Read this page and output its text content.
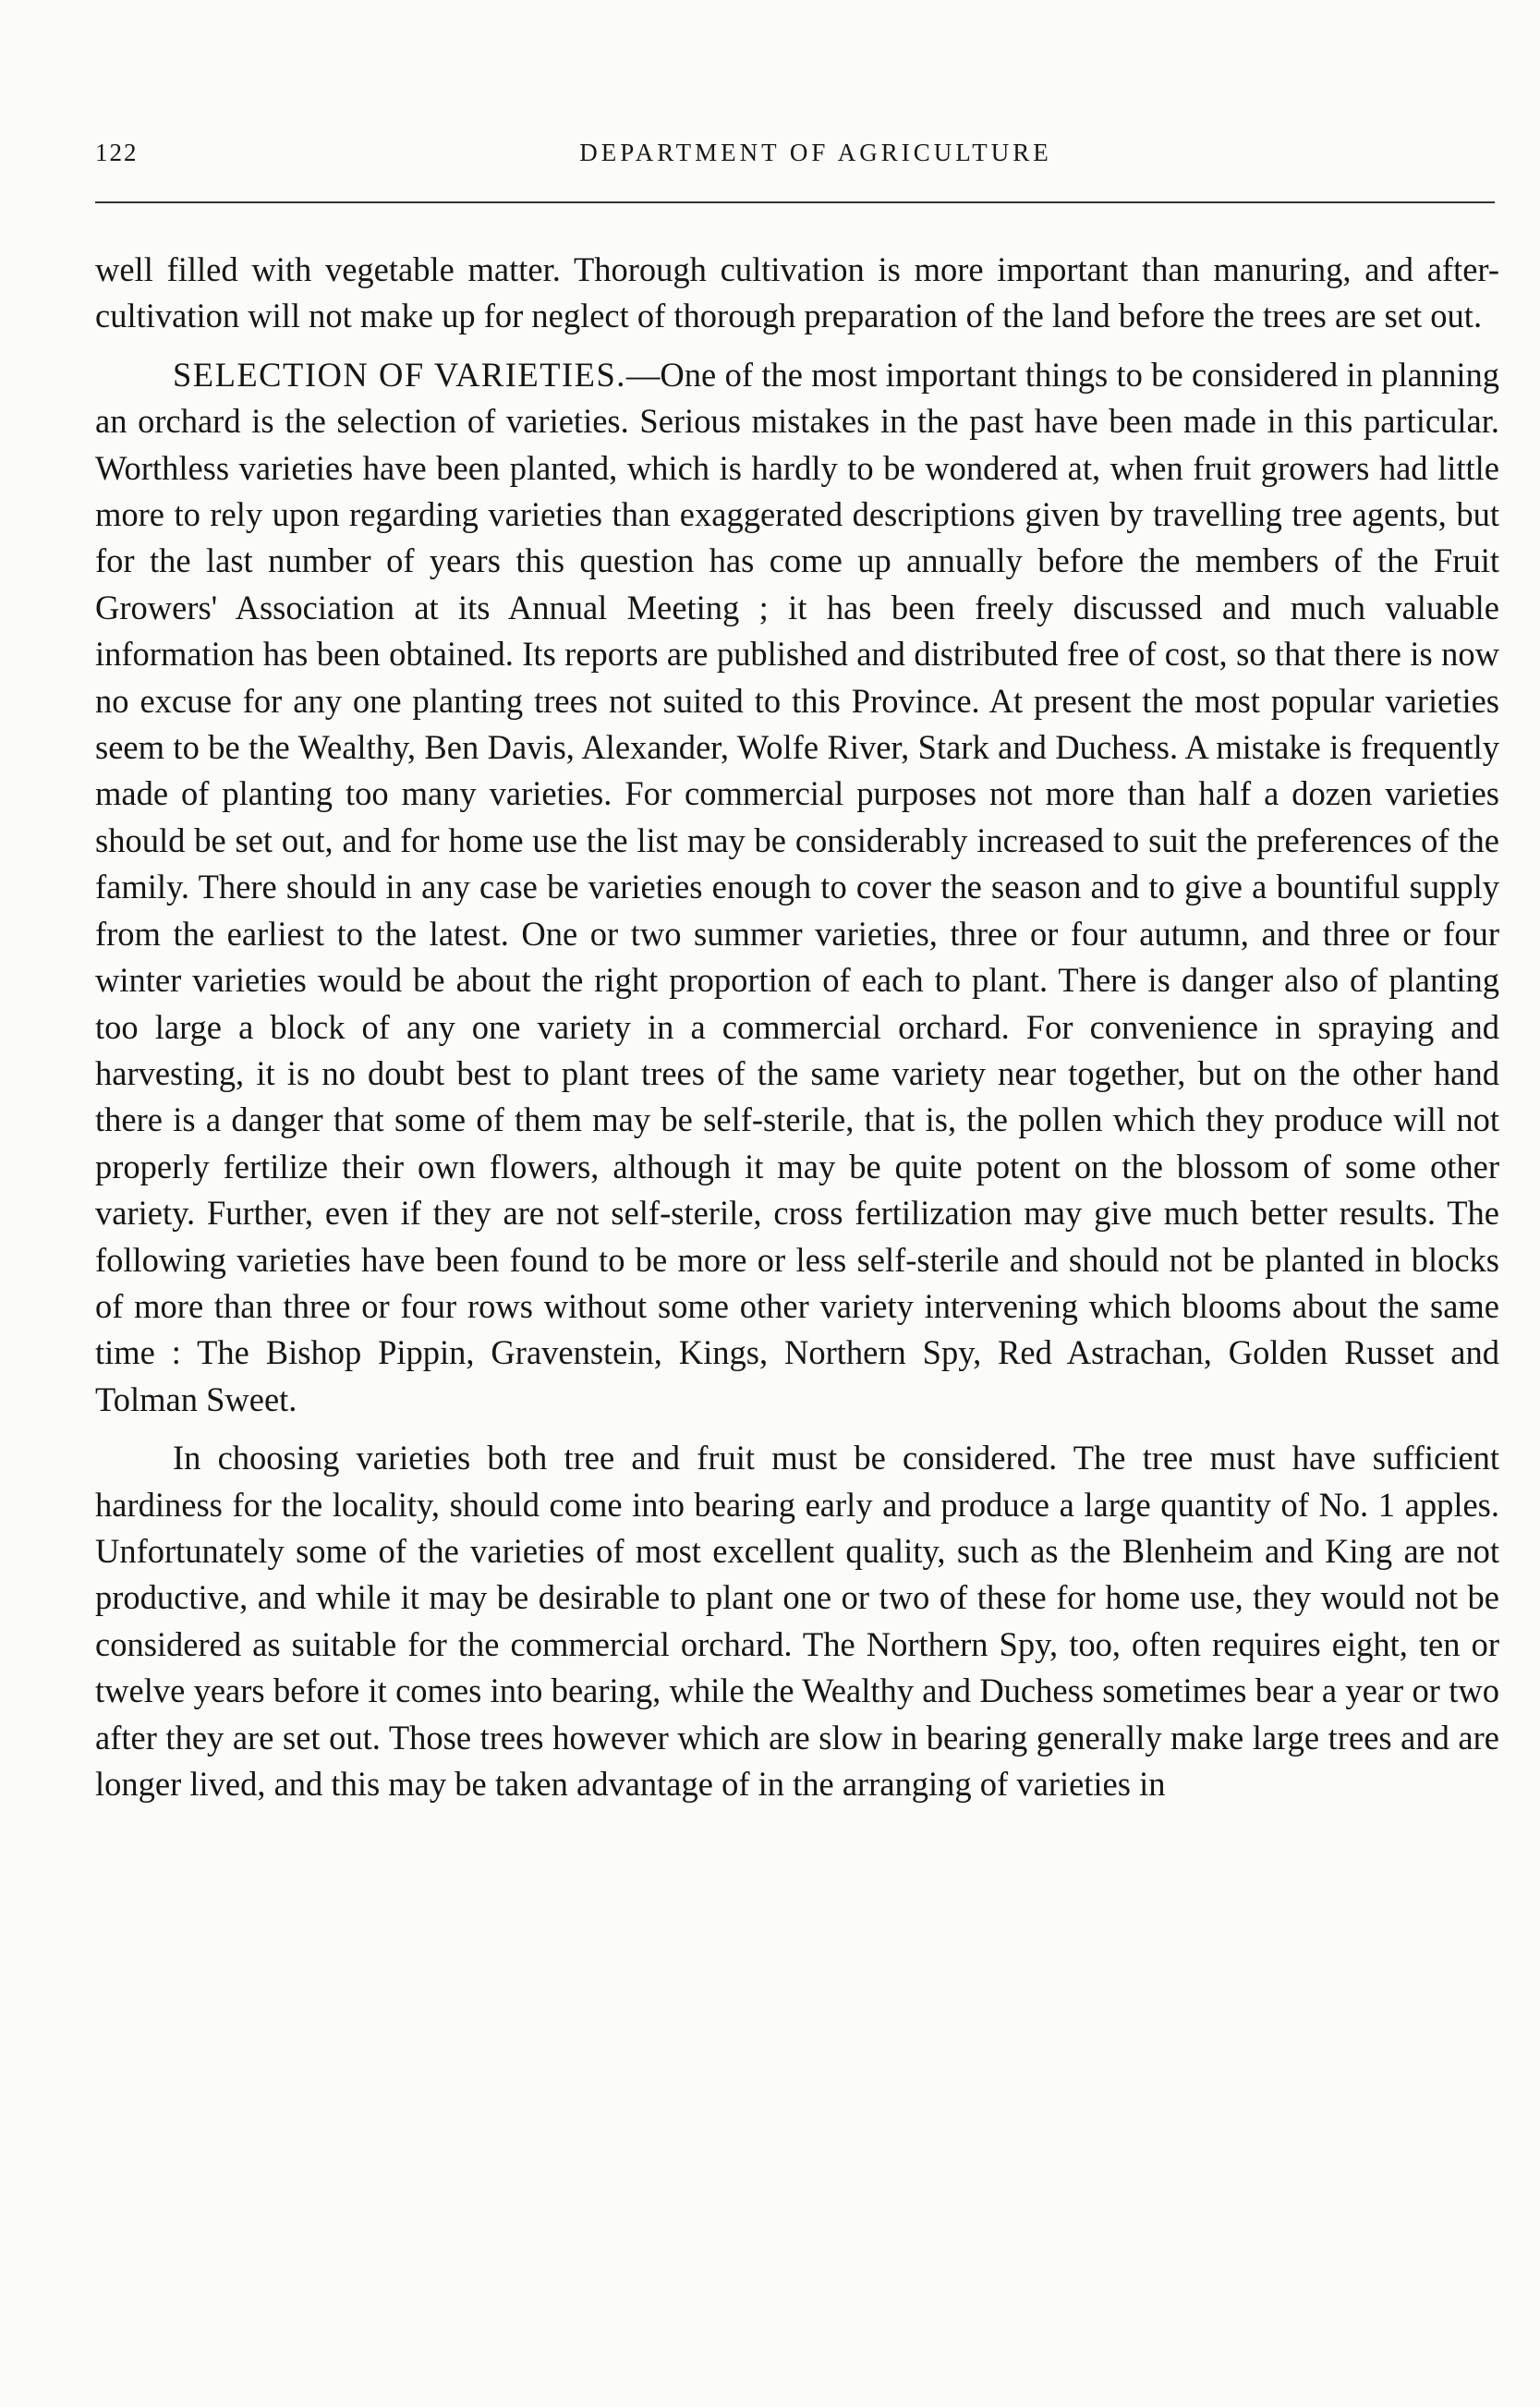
122	DEPARTMENT OF AGRICULTURE

well filled with vegetable matter. Thorough cultivation is more important than manuring, and after-cultivation will not make up for neglect of thorough preparation of the land before the trees are set out.

SELECTION OF VARIETIES.—One of the most important things to be considered in planning an orchard is the selection of varieties. Serious mistakes in the past have been made in this particular. Worthless varieties have been planted, which is hardly to be wondered at, when fruit growers had little more to rely upon regarding varieties than exaggerated descriptions given by travelling tree agents, but for the last number of years this question has come up annually before the members of the Fruit Growers' Association at its Annual Meeting ; it has been freely discussed and much valuable information has been obtained. Its reports are published and distributed free of cost, so that there is now no excuse for any one planting trees not suited to this Province. At present the most popular varieties seem to be the Wealthy, Ben Davis, Alexander, Wolfe River, Stark and Duchess. A mistake is frequently made of planting too many varieties. For commercial purposes not more than half a dozen varieties should be set out, and for home use the list may be considerably increased to suit the preferences of the family. There should in any case be varieties enough to cover the season and to give a bountiful supply from the earliest to the latest. One or two summer varieties, three or four autumn, and three or four winter varieties would be about the right proportion of each to plant. There is danger also of planting too large a block of any one variety in a commercial orchard. For convenience in spraying and harvesting, it is no doubt best to plant trees of the same variety near together, but on the other hand there is a danger that some of them may be self-sterile, that is, the pollen which they produce will not properly fertilize their own flowers, although it may be quite potent on the blossom of some other variety. Further, even if they are not self-sterile, cross fertilization may give much better results. The following varieties have been found to be more or less self-sterile and should not be planted in blocks of more than three or four rows without some other variety intervening which blooms about the same time : The Bishop Pippin, Gravenstein, Kings, Northern Spy, Red Astrachan, Golden Russet and Tolman Sweet.

In choosing varieties both tree and fruit must be considered. The tree must have sufficient hardiness for the locality, should come into bearing early and produce a large quantity of No. 1 apples. Unfortunately some of the varieties of most excellent quality, such as the Blenheim and King are not productive, and while it may be desirable to plant one or two of these for home use, they would not be considered as suitable for the commercial orchard. The Northern Spy, too, often requires eight, ten or twelve years before it comes into bearing, while the Wealthy and Duchess sometimes bear a year or two after they are set out. Those trees however which are slow in bearing generally make large trees and are longer lived, and this may be taken advantage of in the arranging of varieties in
